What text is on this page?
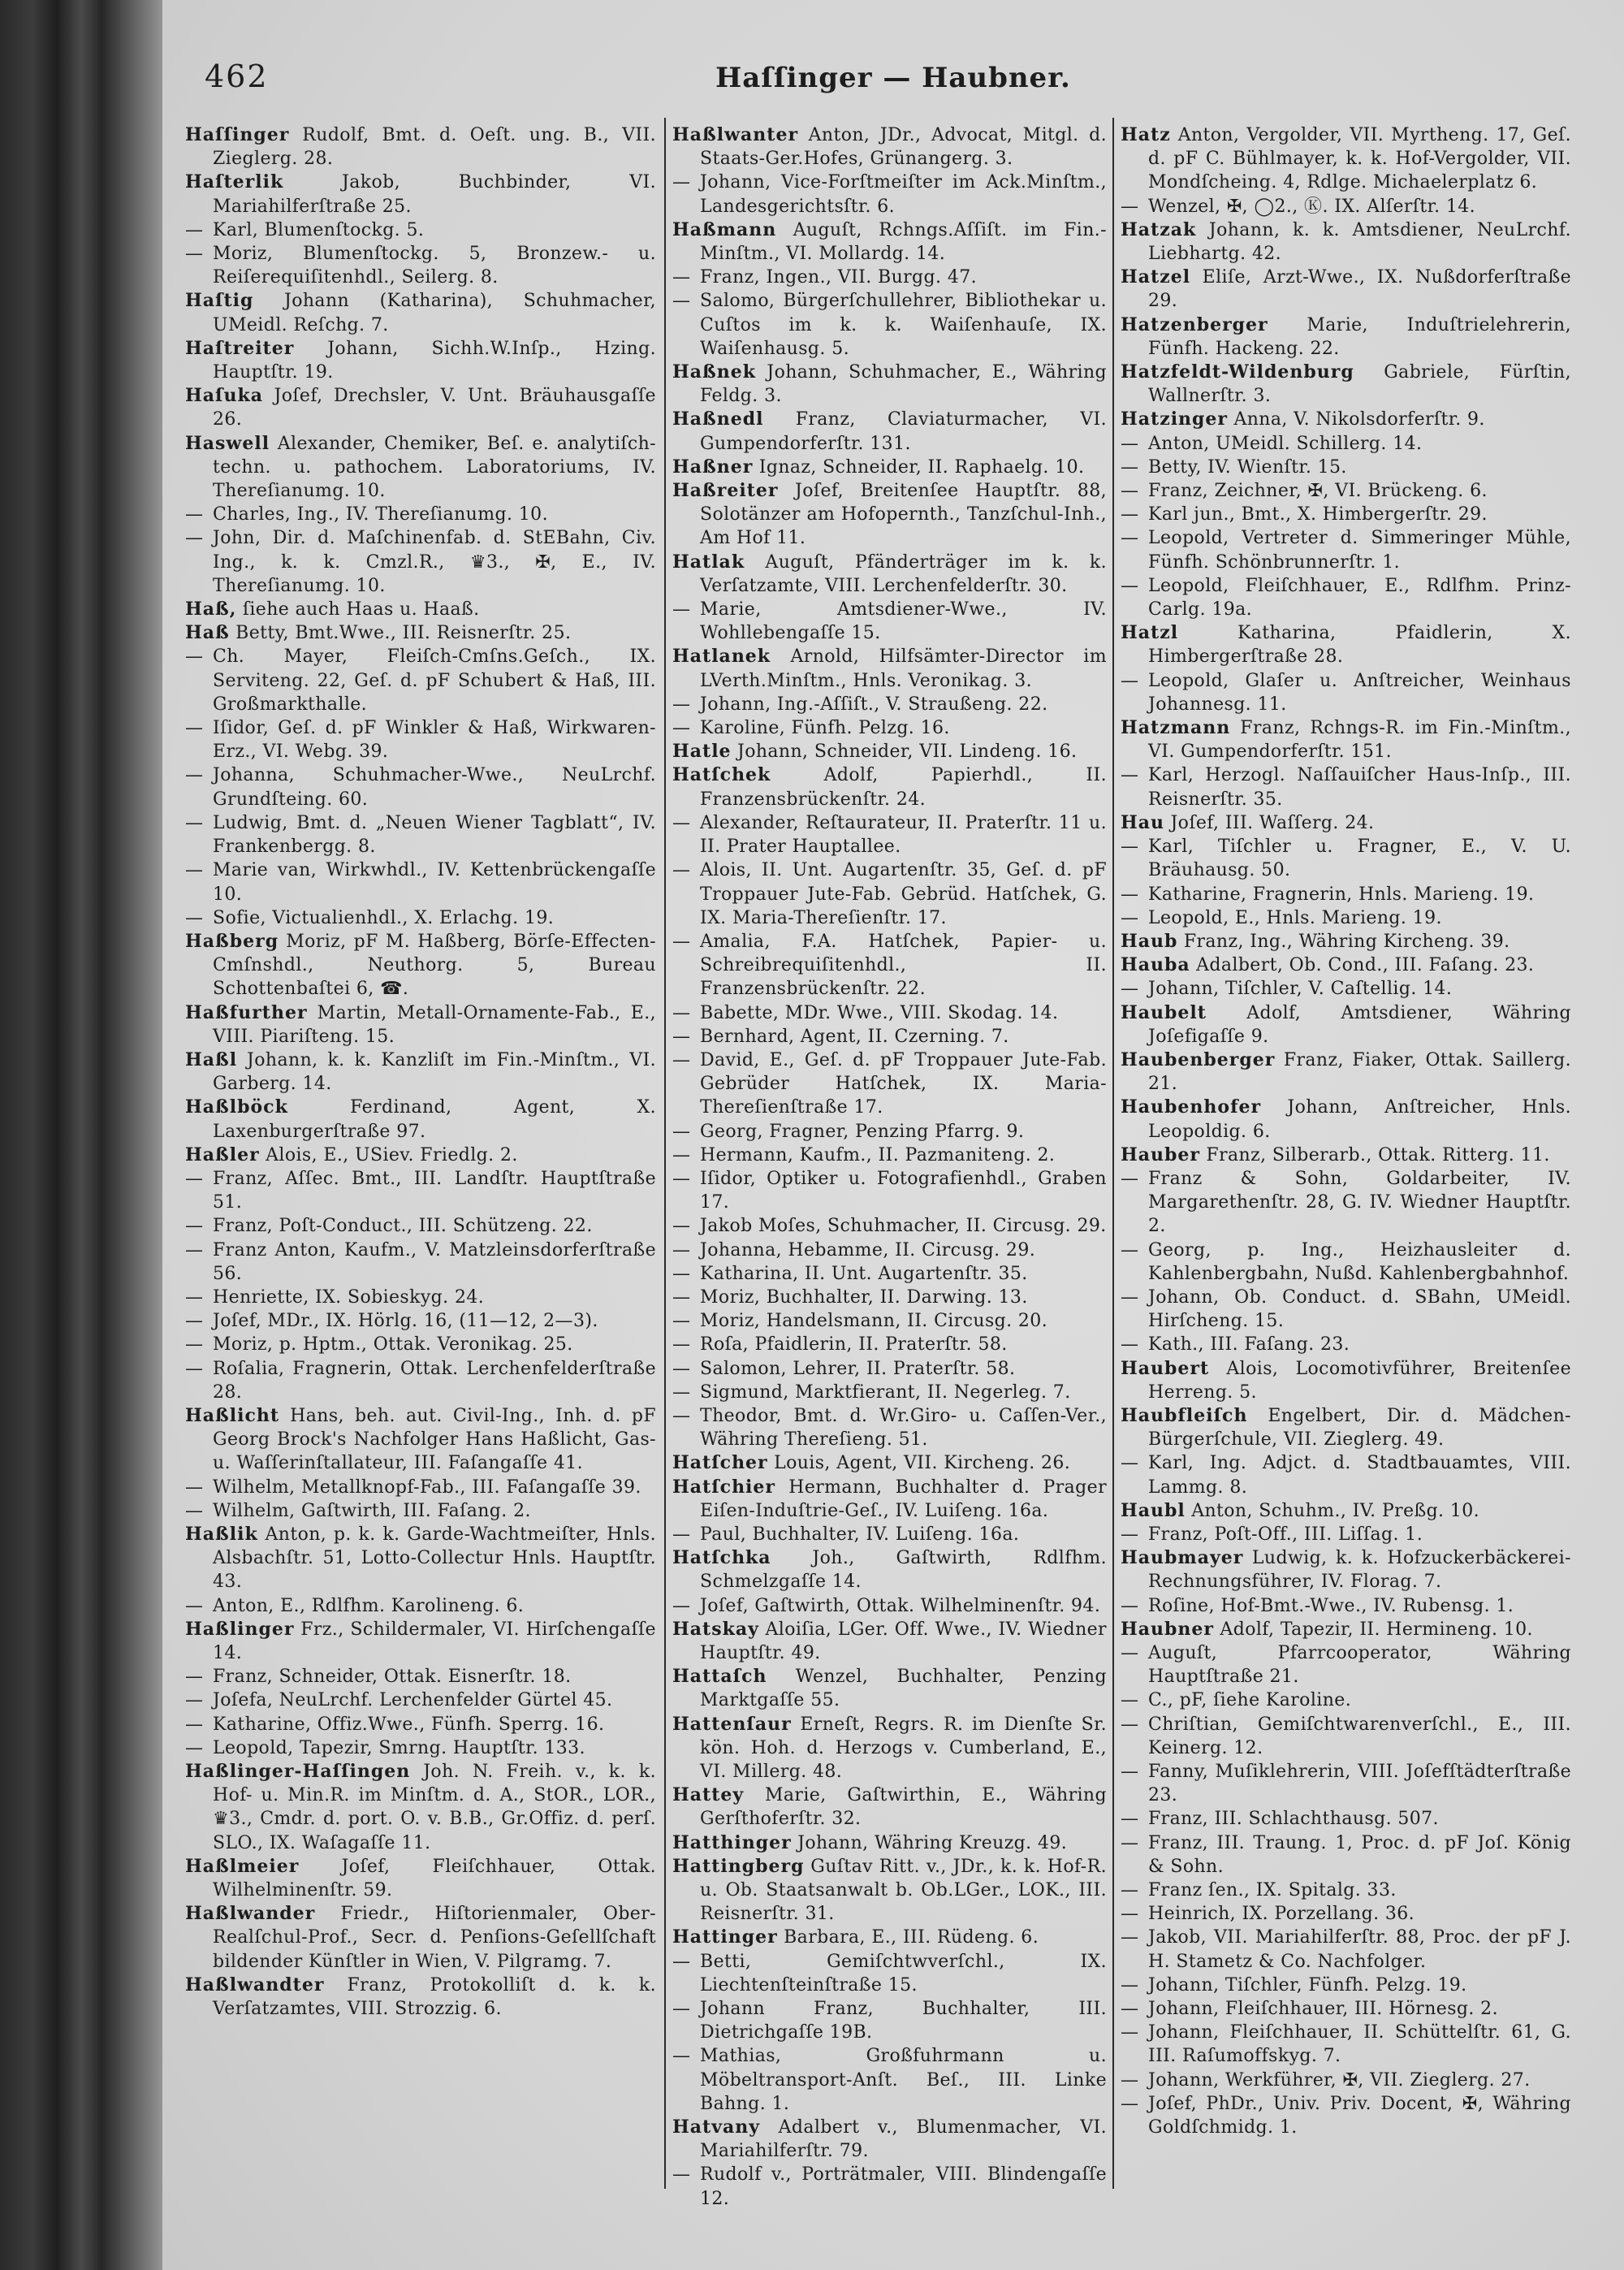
462	Haſſinger — Haubner.

Haſſinger Rudolf, Bmt. d. Oeſt. ung. B., VII. Zieglerg. 28.

Haſterlik	Jakob, Buchbinder, VI. Mariahilferſtraße 25.

— Karl, Blumenſtockg. 5.

— Moriz, Blumenſtockg. 5, Bronzew.- u. Reiſerequiſitenhdl., Seilerg. 8.

Haſtig Johann (Katharina), Schuhmacher, UMeidl. Reſchg. 7.

Haſtreiter Johann, Sichh.W.Inſp., Hzing. Hauptſtr. 19.

Haſuka Joſef, Drechsler, V. Unt. Bräuhausgaſſe 26.

Haswell Alexander, Chemiker, Beſ. e. analytiſch-techn. u. pathochem. Laboratoriums, IV. Thereſianumg. 10.

— Charles, Ing., IV. Thereſianumg. 10.

— John, Dir. d. Maſchinenfab. d. StEBahn, Civ. Ing., k. k. Cmzl.R., ♛3., ✠, E., IV. Thereſianumg. 10.

Haß, ſiehe auch Haas u. Haaß.

Haß Betty, Bmt.Wwe., III. Reisnerſtr. 25.

— Ch. Mayer, Fleiſch-Cmſns.Geſch., IX. Serviteng. 22, Geſ. d. pF Schubert & Haß, III. Großmarkthalle.

— Iſidor, Geſ. d. pF Winkler & Haß, Wirkwaren-Erz., VI. Webg. 39.

— Johanna, Schuhmacher-Wwe., NeuLrchf. Grundſteing. 60.

— Ludwig, Bmt. d. „Neuen Wiener Tagblatt“, IV. Frankenbergg. 8.

— Marie van, Wirkwhdl., IV. Kettenbrückengaſſe 10.

— Sofie, Victualienhdl., X. Erlachg. 19.

Haßberg Moriz, pF M. Haßberg, Börſe-Effecten-Cmſnshdl., Neuthorg. 5, Bureau Schottenbaſtei 6, ☎.

Haßfurther Martin, Metall-Ornamente-Fab., E., VIII. Piariſteng. 15.

Haßl Johann, k. k. Kanzliſt im Fin.-Minſtm., VI. Garberg. 14.

Haßlböck	Ferdinand, Agent, X. Laxenburgerſtraße 97.

Haßler Alois, E., USiev. Friedlg. 2.

— Franz, Aſſec. Bmt., III. Landſtr. Hauptſtraße 51.

— Franz, Poſt-Conduct., III. Schützeng. 22.

— Franz Anton, Kaufm., V. Matzleinsdorferſtraße 56.

— Henriette, IX. Sobieskyg. 24.

— Joſef, MDr., IX. Hörlg. 16, (11—12, 2—3).

— Moriz, p. Hptm., Ottak. Veronikag. 25.

— Roſalia, Fragnerin, Ottak. Lerchenfelderſtraße 28.

Haßlicht Hans, beh. aut. Civil-Ing., Inh. d. pF Georg Brock's Nachfolger Hans Haßlicht, Gas- u. Waſſerinſtallateur, III. Faſangaſſe 41.

— Wilhelm, Metallknopf-Fab., III. Faſangaſſe 39.

— Wilhelm, Gaſtwirth, III. Faſang. 2.

Haßlik Anton, p. k. k. Garde-Wachtmeiſter, Hnls. Alsbachſtr. 51, Lotto-Collectur Hnls. Hauptſtr. 43.

— Anton, E., Rdlfhm. Karolineng. 6.

Haßlinger Frz., Schildermaler, VI. Hirſchengaſſe 14.

— Franz, Schneider, Ottak. Eisnerſtr. 18.

— Joſefa, NeuLrchf. Lerchenfelder Gürtel 45.

— Katharine, Offiz.Wwe., Fünfh. Sperrg. 16.

— Leopold, Tapezir, Smrng. Hauptſtr. 133.

Haßlinger-Haſſingen Joh. N. Freih. v., k. k. Hof- u. Min.R. im Minſtm. d. A., StOR., LOR., ♛3., Cmdr. d. port. O. v. B.B., Gr.Offiz. d. perſ. SLO., IX. Waſagaſſe 11.

Haßlmeier Joſef, Fleiſchhauer, Ottak. Wilhelminenſtr. 59.

Haßlwander Friedr., Hiſtorienmaler, Ober-Realſchul-Prof., Secr. d. Penſions-Geſellſchaft bildender Künſtler in Wien, V. Pilgramg. 7.

Haßlwandter Franz, Protokolliſt d. k. k. Verſatzamtes, VIII. Strozzig. 6.

Haßlwanter Anton, JDr., Advocat, Mitgl. d. Staats-Ger.Hofes, Grünangerg. 3.

— Johann, Vice-Forſtmeiſter im Ack.Minſtm., Landesgerichtsſtr. 6.

Haßmann Auguſt, Rchngs.Aſſiſt. im Fin.-Minſtm., VI. Mollardg. 14.

— Franz, Ingen., VII. Burgg. 47.

— Salomo, Bürgerſchullehrer, Bibliothekar u. Cuſtos im k. k. Waiſenhauſe, IX. Waiſenhausg. 5.

Haßnek Johann, Schuhmacher, E., Währing Feldg. 3.

Haßnedl Franz, Claviaturmacher, VI. Gumpendorferſtr. 131.

Haßner Ignaz, Schneider, II. Raphaelg. 10.

Haßreiter Joſef, Breitenſee Hauptſtr. 88, Solotänzer am Hofopernth., Tanzſchul-Inh., Am Hof 11.

Hatlak Auguſt, Pfänderträger im k. k. Verſatzamte, VIII. Lerchenfelderſtr. 30.

— Marie, Amtsdiener-Wwe., IV. Wohllebengaſſe 15.

Hatlanek Arnold, Hilfsämter-Director im LVerth.Minſtm., Hnls. Veronikag. 3.

— Johann, Ing.-Aſſiſt., V. Straußeng. 22.

— Karoline, Fünfh. Pelzg. 16.

Hatle Johann, Schneider, VII. Lindeng. 16.

Hatſchek	Adolf, Papierhdl., II. Franzensbrückenſtr. 24.

— Alexander, Reſtaurateur, II. Praterſtr. 11 u. II. Prater Hauptallee.

— Alois, II. Unt. Augartenſtr. 35, Geſ. d. pF Troppauer Jute-Fab. Gebrüd. Hatſchek, G. IX. Maria-Thereſienſtr. 17.

— Amalia, F.A. Hatſchek, Papier- u. Schreibrequiſitenhdl., II. Franzensbrückenſtr. 22.

— Babette, MDr. Wwe., VIII. Skodag. 14.

— Bernhard, Agent, II. Czerning. 7.

— David, E., Geſ. d. pF Troppauer Jute-Fab. Gebrüder Hatſchek, IX. Maria-Thereſienſtraße 17.

— Georg, Fragner, Penzing Pfarrg. 9.

— Hermann, Kaufm., II. Pazmaniteng. 2.

— Iſidor, Optiker u. Fotografienhdl., Graben 17.

— Jakob Moſes, Schuhmacher, II. Circusg. 29.

— Johanna, Hebamme, II. Circusg. 29.

— Katharina, II. Unt. Augartenſtr. 35.

— Moriz, Buchhalter, II. Darwing. 13.

— Moriz, Handelsmann, II. Circusg. 20.

— Roſa, Pfaidlerin, II. Praterſtr. 58.

— Salomon, Lehrer, II. Praterſtr. 58.

— Sigmund, Marktfierant, II. Negerleg. 7.

— Theodor, Bmt. d. Wr.Giro- u. Caſſen-Ver., Währing Thereſieng. 51.

Hatſcher Louis, Agent, VII. Kircheng. 26.

Hatſchier Hermann, Buchhalter d. Prager Eiſen-Induſtrie-Geſ., IV. Luiſeng. 16a.

— Paul, Buchhalter, IV. Luiſeng. 16a.

Hatſchka Joh., Gaſtwirth, Rdlfhm. Schmelzgaſſe 14.

— Joſef, Gaſtwirth, Ottak. Wilhelminenſtr. 94.

Hatskay Aloiſia, LGer. Off. Wwe., IV. Wiedner Hauptſtr. 49.

Hattaſch Wenzel, Buchhalter, Penzing Marktgaſſe 55.

Hattenſaur Erneſt, Regrs. R. im Dienſte Sr. kön. Hoh. d. Herzogs v. Cumberland, E., VI. Millerg. 48.

Hattey Marie, Gaſtwirthin, E., Währing Gerſthoferſtr. 32.

Hatthinger Johann, Währing Kreuzg. 49.

Hattingberg Guſtav Ritt. v., JDr., k. k. Hof-R. u. Ob. Staatsanwalt b. Ob.LGer., LOK., III. Reisnerſtr. 31.

Hattinger Barbara, E., III. Rüdeng. 6.

— Betti, Gemiſchtwverſchl., IX. Liechtenſteinſtraße 15.

— Johann Franz, Buchhalter, III. Dietrichgaſſe 19B.

— Mathias, Großfuhrmann u. Möbeltransport-Anſt. Beſ., III. Linke Bahng. 1.

Hatvany Adalbert v., Blumenmacher, VI. Mariahilferſtr. 79.

— Rudolf v., Porträtmaler, VIII. Blindengaſſe 12.

Hatz Anton, Vergolder, VII. Myrtheng. 17, Geſ. d. pF C. Bühlmayer, k. k. Hof-Vergolder, VII. Mondſcheing. 4, Rdlge. Michaelerplatz 6.

— Wenzel, ✠, ◯2., Ⓚ. IX. Alſerſtr. 14.

Hatzak Johann, k. k. Amtsdiener, NeuLrchf. Liebhartg. 42.

Hatzel Eliſe, Arzt-Wwe., IX. Nußdorferſtraße 29.

Hatzenberger Marie, Induſtrielehrerin, Fünfh. Hackeng. 22.

Hatzfeldt-Wildenburg Gabriele, Fürſtin, Wallnerſtr. 3.

Hatzinger Anna, V. Nikolsdorferſtr. 9.

— Anton, UMeidl. Schillerg. 14.

— Betty, IV. Wienſtr. 15.

— Franz, Zeichner, ✠, VI. Brückeng. 6.

— Karl jun., Bmt., X. Himbergerſtr. 29.

— Leopold, Vertreter d. Simmeringer Mühle, Fünfh. Schönbrunnerſtr. 1.

— Leopold, Fleiſchhauer, E., Rdlfhm. Prinz-Carlg. 19a.

Hatzl	Katharina, Pfaidlerin, X. Himbergerſtraße 28.

— Leopold, Glaſer u. Anſtreicher, Weinhaus Johannesg. 11.

Hatzmann Franz, Rchngs-R. im Fin.-Minſtm., VI. Gumpendorferſtr. 151.

— Karl, Herzogl. Naſſauiſcher Haus-Inſp., III. Reisnerſtr. 35.

Hau Joſef, III. Waſſerg. 24.

— Karl, Tiſchler u. Fragner, E., V. U. Bräuhausg. 50.

— Katharine, Fragnerin, Hnls. Marieng. 19.

— Leopold, E., Hnls. Marieng. 19.

Haub Franz, Ing., Währing Kircheng. 39.

Hauba Adalbert, Ob. Cond., III. Faſang. 23.

— Johann, Tiſchler, V. Caſtellig. 14.

Haubelt Adolf, Amtsdiener, Währing Joſefigaſſe 9.

Haubenberger Franz, Fiaker, Ottak. Saillerg. 21.

Haubenhofer Johann, Anſtreicher, Hnls. Leopoldig. 6.

Hauber Franz, Silberarb., Ottak. Ritterg. 11.

— Franz & Sohn, Goldarbeiter, IV. Margarethenſtr. 28, G. IV. Wiedner Hauptſtr. 2.

— Georg, p. Ing., Heizhausleiter d. Kahlenbergbahn, Nußd. Kahlenbergbahnhof.

— Johann, Ob. Conduct. d. SBahn, UMeidl. Hirſcheng. 15.

— Kath., III. Faſang. 23.

Haubert Alois, Locomotivführer, Breitenſee Herreng. 5.

Haubfleiſch Engelbert, Dir. d. Mädchen-Bürgerſchule, VII. Zieglerg. 49.

— Karl, Ing. Adjct. d. Stadtbauamtes, VIII. Lammg. 8.

Haubl Anton, Schuhm., IV. Preßg. 10.

— Franz, Poſt-Off., III. Liſſag. 1.

Haubmayer Ludwig, k. k. Hofzuckerbäckerei-Rechnungsführer, IV. Florag. 7.

— Roſine, Hof-Bmt.-Wwe., IV. Rubensg. 1.

Haubner Adolf, Tapezir, II. Hermineng. 10.

— Auguſt, Pfarrcooperator, Währing Hauptſtraße 21.

— C., pF, ſiehe Karoline.

— Chriſtian, Gemiſchtwarenverſchl., E., III. Keinerg. 12.

— Fanny, Muſiklehrerin, VIII. Joſefſtädterſtraße 23.

— Franz, III. Schlachthausg. 507.

— Franz, III. Traung. 1, Proc. d. pF Joſ. König & Sohn.

— Franz ſen., IX. Spitalg. 33.

— Heinrich, IX. Porzellang. 36.

— Jakob, VII. Mariahilferſtr. 88, Proc. der pF J. H. Stametz & Co. Nachfolger.

— Johann, Tiſchler, Fünfh. Pelzg. 19.

— Johann, Fleiſchhauer, III. Hörnesg. 2.

— Johann, Fleiſchhauer, II. Schüttelſtr. 61, G. III. Raſumoffskyg. 7.

— Johann, Werkführer, ✠, VII. Zieglerg. 27.

— Joſef, PhDr., Univ. Priv. Docent, ✠, Währing Goldſchmidg. 1.
